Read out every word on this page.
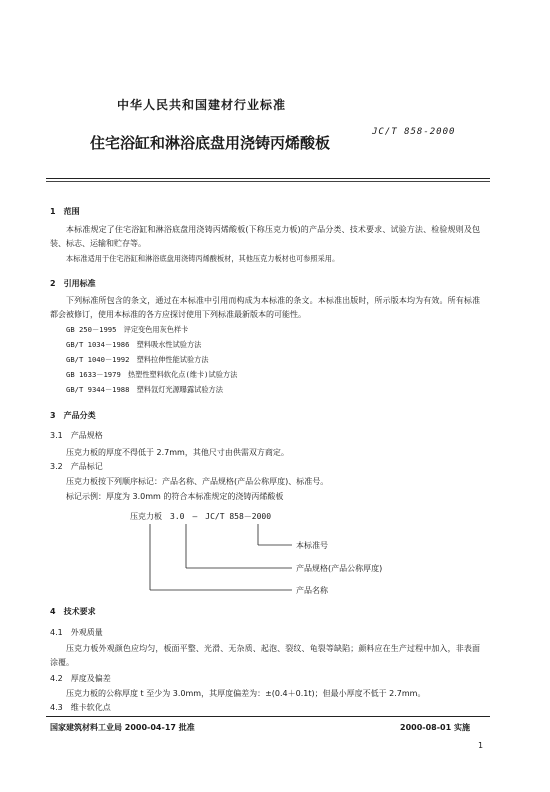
中华人民共和国建材行业标准
住宅浴缸和淋浴底盘用浇铸丙烯酸板
JC/T 858-2000
1　范围
本标准规定了住宅浴缸和淋浴底盘用浇铸丙烯酸板(下称压克力板)的产品分类、技术要求、试验方法、检验规则及包装、标志、运输和贮存等。
本标准适用于住宅浴缸和淋浴底盘用浇铸丙烯酸板材，其他压克力板材也可参照采用。
2　引用标准
下列标准所包含的条文，通过在本标准中引用而构成为本标准的条文。本标准出版时，所示版本均为有效。所有标准都会被修订，使用本标准的各方应探讨使用下列标准最新版本的可能性。
GB 250－1995　评定变色用灰色样卡
GB/T 1034－1986　塑料吸水性试验方法
GB/T 1040－1992　塑料拉伸性能试验方法
GB 1633－1979　热塑性塑料软化点(维卡)试验方法
GB/T 9344－1988　塑料氙灯光源曝露试验方法
3　产品分类
3.1　产品规格
压克力板的厚度不得低于 2.7mm，其他尺寸由供需双方商定。
3.2　产品标记
压克力板按下列顺序标记：产品名称、产品规格(产品公称厚度)、标准号。
标记示例：厚度为 3.0mm 的符合本标准规定的浇铸丙烯酸板
压克力板　3.0　—　JC/T 858－2000
本标准号
产品规格(产品公称厚度)
产品名称
4　技术要求
4.1　外观质量
压克力板外观颜色应均匀，板面平整、光滑、无杂质、起泡、裂纹、龟裂等缺陷；颜料应在生产过程中加入，非表面涂覆。
4.2　厚度及偏差
压克力板的公称厚度 t 至少为 3.0mm，其厚度偏差为：±(0.4＋0.1t)；但最小厚度不低于 2.7mm。
4.3　维卡软化点
国家建筑材料工业局 2000-04-17 批准	2000-08-01 实施
1
